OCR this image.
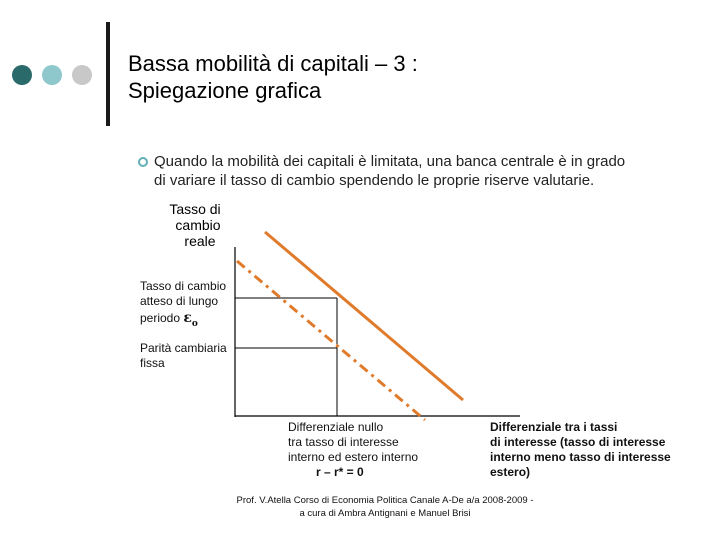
Bassa mobilità di capitali – 3 :
Spiegazione grafica
Quando la mobilità dei capitali è limitata, una banca centrale è in grado
di variare il tasso di cambio spendendo le proprie riserve valutarie.
Tasso di
cambio
reale
Tasso di cambio
atteso di lungo
periodo $\varepsilon_o$
Parità cambiaria
fissa
Differenziale nullo
tra tasso di interesse
interno ed estero interno
r – r* = 0
Differenziale tra i tassi
di interesse (tasso di interesse
interno meno tasso di interesse
estero)
Prof. V.Atella Corso di Economia Politica Canale A-De a/a 2008-2009 -
a cura di Ambra Antignani e Manuel Brisi
